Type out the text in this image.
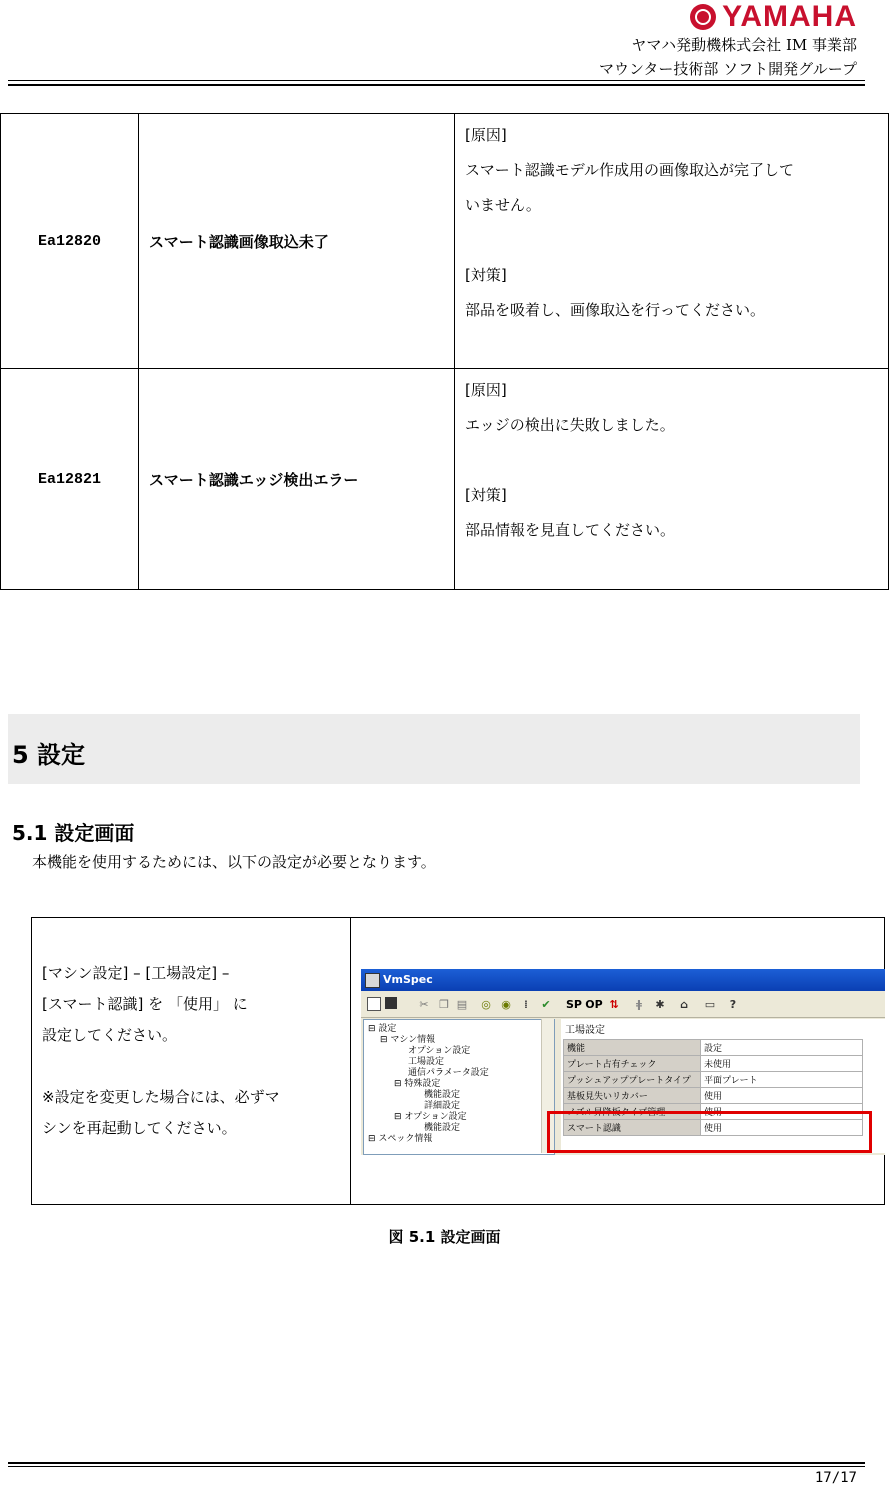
YAMAHA
ヤマハ発動機株式会社 IM 事業部
マウンター技術部 ソフト開発グループ
Ea12820	スマート認識画像取込未了	[原因]

スマート認識モデル作成用の画像取込が完了して

いません。

[対策]

部品を吸着し、画像取込を行ってください。

Ea12821	スマート認識エッジ検出エラー	[原因]

エッジの検出に失敗しました。

[対策]

部品情報を見直してください。

5 設定
5.1 設定画面
本機能を使用するためには、以下の設定が必要となります。

[マシン設定] – [工場設定] –

[スマート認識] を 「使用」 に

設定してください。

※設定を変更した場合には、必ずマ

シンを再起動してください。

VmSpec
✂ ❐ ▤ ◎ ◉	⁞	✔ SP OP ⇅ ǂ ✱ ⌂ ▭ ?
⊟ 設定
⊟ マシン情報
オプション設定
工場設定
通信パラメータ設定
⊟ 特殊設定
機能設定
詳細設定
⊟ オプション設定
機能設定
⊟ スペック情報
工場設定
機能	設定
プレート占有チェック	未使用
プッシュアッププレートタイプ	平面プレート
基板見失いリカバー	使用
ノズル昇降板タイプ管理	使用
スマート認識	使用
図 5.1 設定画面
17/17
